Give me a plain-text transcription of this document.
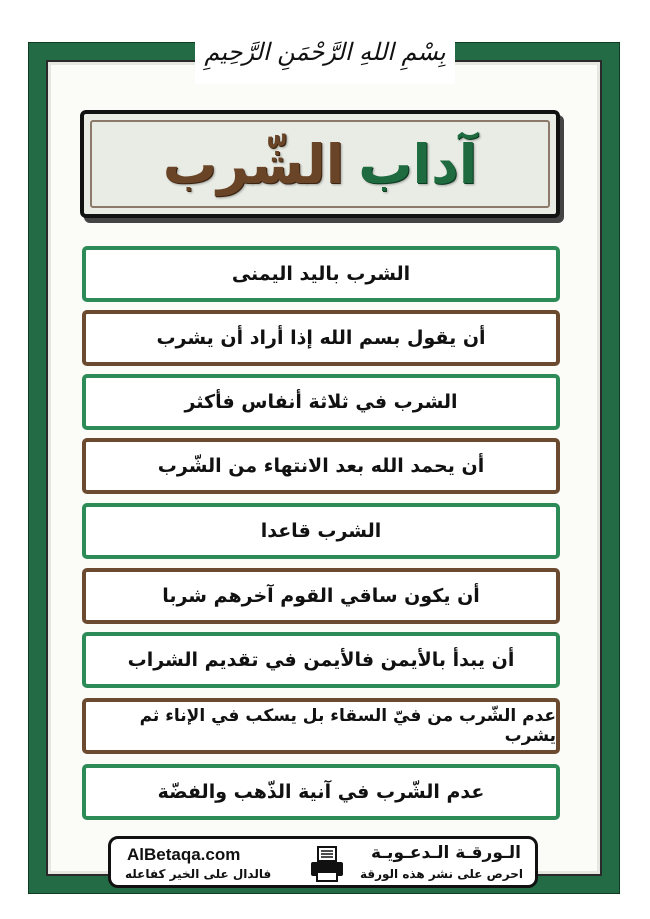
بِسْمِ اللهِ الرَّحْمَنِ الرَّحِيمِ
آداب
الشّرب
الشرب باليد اليمنى
أن يقول بسم الله إذا أراد أن يشرب
الشرب في ثلاثة أنفاس فأكثر
أن يحمد الله بعد الانتهاء من الشّرب
الشرب قاعدا
أن يكون ساقي القوم آخرهم شربا
أن يبدأ بالأيمن فالأيمن في تقديم الشراب
عدم الشّرب من فيّ السقاء بل يسكب في الإناء ثم يشرب
عدم الشّرب في آنية الذّهب والفضّة
AlBetaqa.com
فالدال على الخير كفاعله
الـورقـة الـدعـويـة
احرص على نشر هذه الورقة
